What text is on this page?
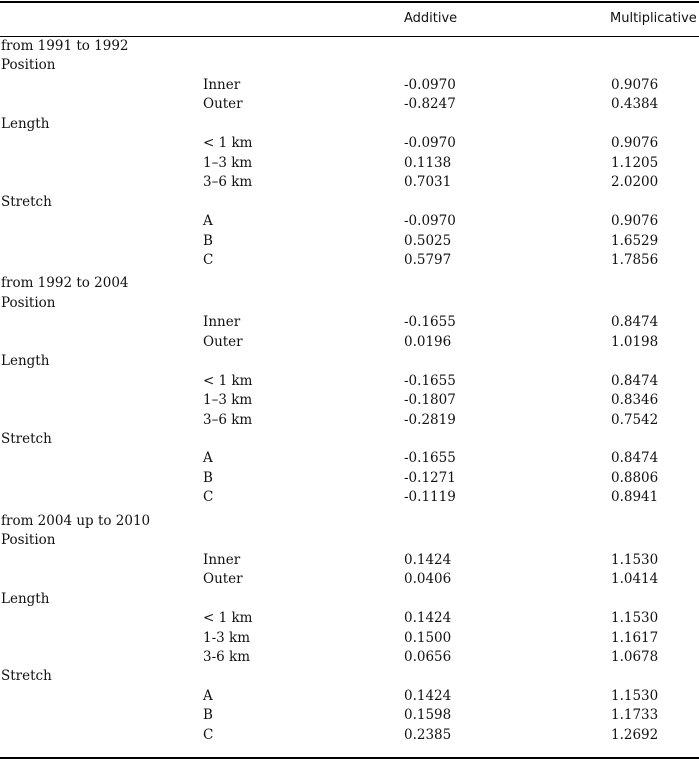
Additive	Multiplicative
from 1991 to 1992
Position
Inner	-0.0970	0.9076
Outer	-0.8247	0.4384
Length
< 1 km	-0.0970	0.9076
1–3 km	0.1138	1.1205
3–6 km	0.7031	2.0200
Stretch
A	-0.0970	0.9076
B	0.5025	1.6529
C	0.5797	1.7856
from 1992 to 2004
Position
Inner	-0.1655	0.8474
Outer	0.0196	1.0198
Length
< 1 km	-0.1655	0.8474
1–3 km	-0.1807	0.8346
3–6 km	-0.2819	0.7542
Stretch
A	-0.1655	0.8474
B	-0.1271	0.8806
C	-0.1119	0.8941
from 2004 up to 2010
Position
Inner	0.1424	1.1530
Outer	0.0406	1.0414
Length
< 1 km	0.1424	1.1530
1-3 km	0.1500	1.1617
3-6 km	0.0656	1.0678
Stretch
A	0.1424	1.1530
B	0.1598	1.1733
C	0.2385	1.2692
